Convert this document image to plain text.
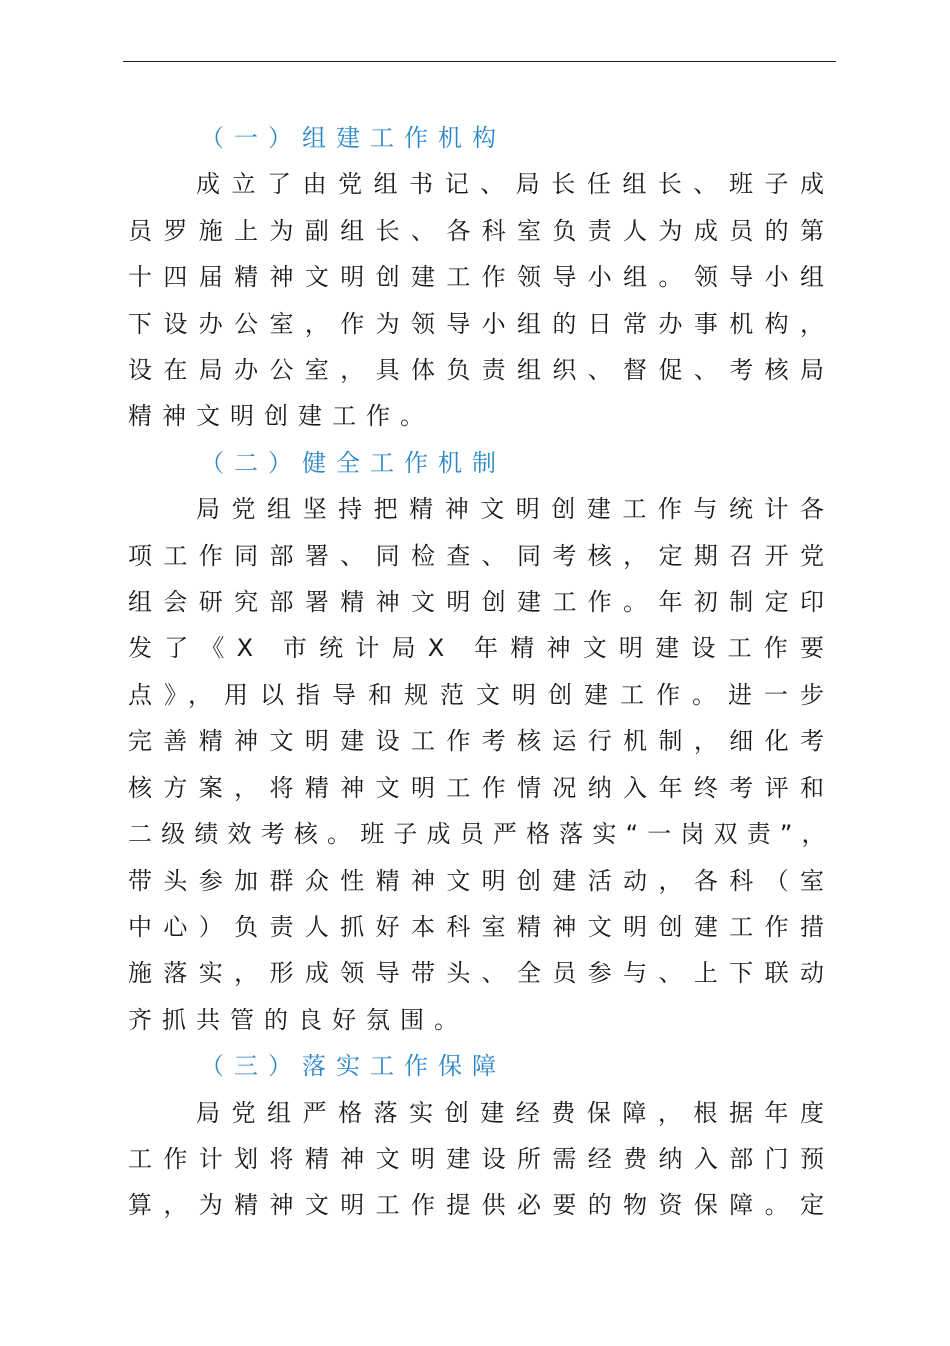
（一）组建工作机构

成立了由党组书记、局长任组长、班子成
员罗施上为副组长、各科室负责人为成员的第
十四届精神文明创建工作领导小组。领导小组
下设办公室，作为领导小组的日常办事机构，
设在局办公室，具体负责组织、督促、考核局
精神文明创建工作。

（二）健全工作机制

局党组坚持把精神文明创建工作与统计各
项工作同部署、同检查、同考核，定期召开党
组会研究部署精神文明创建工作。年初制定印
发了《X 市统计局X 年精神文明建设工作要
点》，用以指导和规范文明创建工作。进一步
完善精神文明建设工作考核运行机制，细化考
核方案，将精神文明工作情况纳入年终考评和
二级绩效考核。班子成员严格落实“一岗双责”，
带头参加群众性精神文明创建活动，各科（室
中心）负责人抓好本科室精神文明创建工作措
施落实，形成领导带头、全员参与、上下联动
齐抓共管的良好氛围。

（三）落实工作保障

局党组严格落实创建经费保障，根据年度
工作计划将精神文明建设所需经费纳入部门预
算，为精神文明工作提供必要的物资保障。定
